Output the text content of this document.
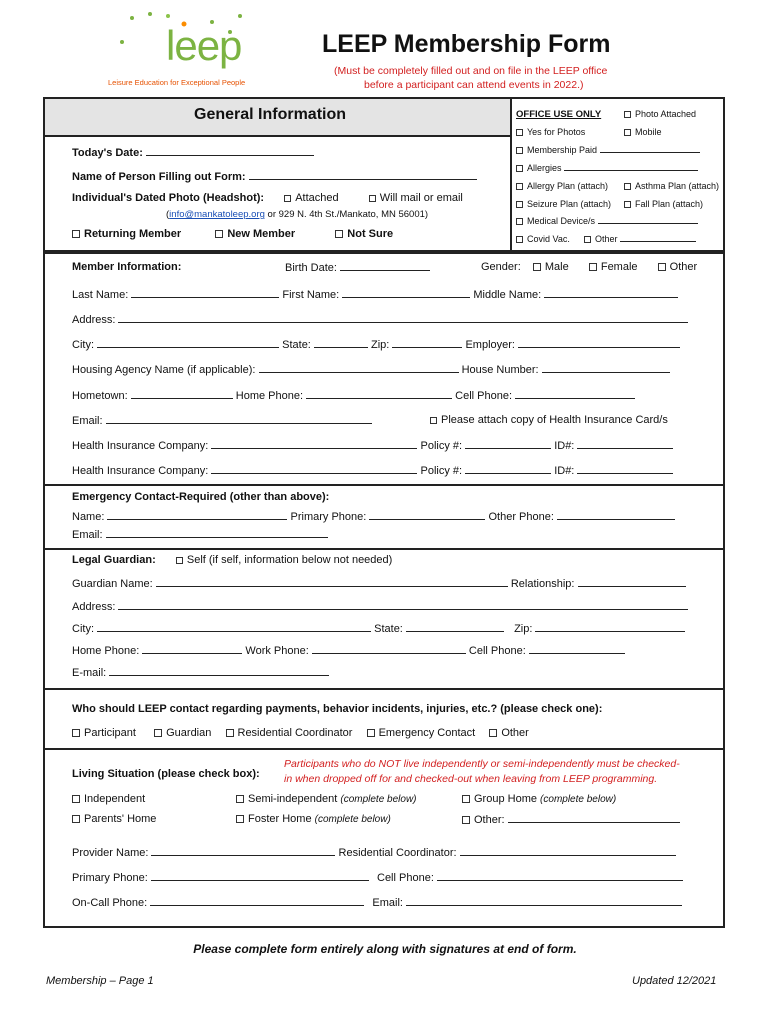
leep
Leisure Education for Exceptional People
LEEP Membership Form
(Must be completely filled out and on file in the LEEP office
before a participant can attend events in 2022.)
General Information
Today's Date:
Name of Person Filling out Form:
Individual's Dated Photo (Headshot):	Attached	Will mail or email
(info@mankatoleep.org or 929 N. 4th St./Mankato, MN 56001)
Returning Member	New Member	Not Sure
OFFICE USE ONLY	Photo Attached
Yes for Photos	Mobile
Membership Paid
Allergies
Allergy Plan (attach)	Asthma Plan (attach)
Seizure Plan (attach)	Fall Plan (attach)
Medical Device/s
Covid Vac.	Other
Member Information:	Birth Date:	Gender: Male	Female	Other
Last Name:	First Name:	Middle Name:
Address:
City:	State:	Zip:	Employer:
Housing Agency Name (if applicable):	House Number:
Hometown:	Home Phone:	Cell Phone:
Email:	Please attach copy of Health Insurance Card/s
Health Insurance Company:	Policy #:	ID#:
Health Insurance Company:	Policy #:	ID#:
Emergency Contact-Required (other than above):
Name:	Primary Phone:	Other Phone:
Email:
Legal Guardian:	Self (if self, information below not needed)
Guardian Name:	Relationship:
Address:
City:	State:	Zip:
Home Phone:	Work Phone:	Cell Phone:
E-mail:
Who should LEEP contact regarding payments, behavior incidents, injuries, etc.? (please check one):
Participant	Guardian Residential Coordinator Emergency Contact Other
Living Situation (please check box):
Participants who do NOT live independently or semi-independently must be checked-
in when dropped off for and checked-out when leaving from LEEP programming.
Independent	Semi-independent (complete below)	Group Home (complete below)
Parents' Home	Foster Home (complete below)	Other:
Provider Name:	Residential Coordinator:
Primary Phone:	Cell Phone:
On-Call Phone:	Email:
Please complete form entirely along with signatures at end of form.
Membership – Page 1	Updated 12/2021
